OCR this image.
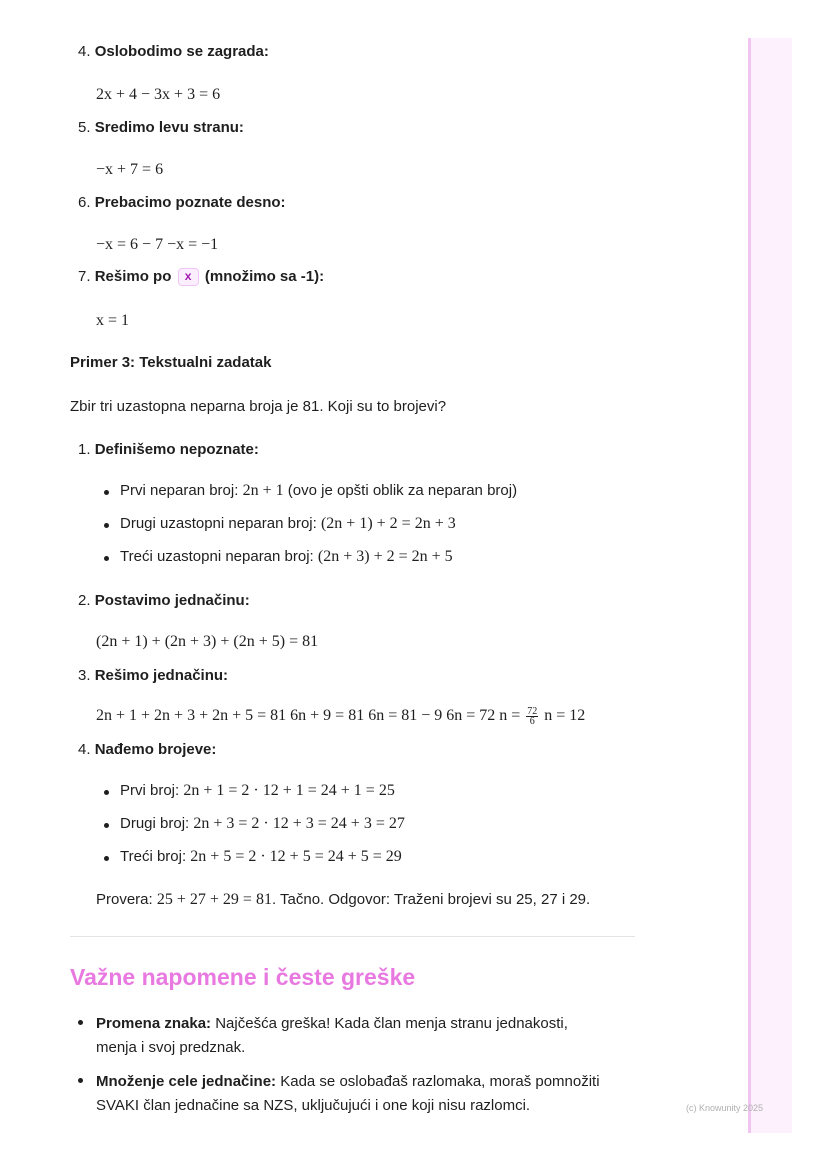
4. Oslobodimo se zagrada:
2x + 4 − 3x + 3 = 6
5. Sredimo levu stranu:
−x + 7 = 6
6. Prebacimo poznate desno:
−x = 6 − 7 −x = −1
7. Rešimo po x (množimo sa -1):
x = 1
Primer 3: Tekstualni zadatak
Zbir tri uzastopna neparna broja je 81. Koji su to brojevi?
1. Definišemo nepoznate:
Prvi neparan broj: 2n + 1 (ovo je opšti oblik za neparan broj)
Drugi uzastopni neparan broj: (2n + 1) + 2 = 2n + 3
Treći uzastopni neparan broj: (2n + 3) + 2 = 2n + 5
2. Postavimo jednačinu:
(2n + 1) + (2n + 3) + (2n + 5) = 81
3. Rešimo jednačinu:
2n + 1 + 2n + 3 + 2n + 5 = 81 6n + 9 = 81 6n = 81 − 9 6n = 72 $n = \frac{72}{6}$ n = 12
4. Nađemo brojeve:
Prvi broj: 2n + 1 = 2 · 12 + 1 = 24 + 1 = 25
Drugi broj: 2n + 3 = 2 · 12 + 3 = 24 + 3 = 27
Treći broj: 2n + 5 = 2 · 12 + 5 = 24 + 5 = 29
Provera: 25 + 27 + 29 = 81. Tačno. Odgovor: Traženi brojevi su 25, 27 i 29.
Važne napomene i česte greške
Promena znaka: Najčešća greška! Kada član menja stranu jednakosti,
menja i svoj predznak.
Množenje cele jednačine: Kada se oslobađaš razlomaka, moraš pomnožiti
SVAKI član jednačine sa NZS, uključujući i one koji nisu razlomci.	(c) Knowunity 2025
